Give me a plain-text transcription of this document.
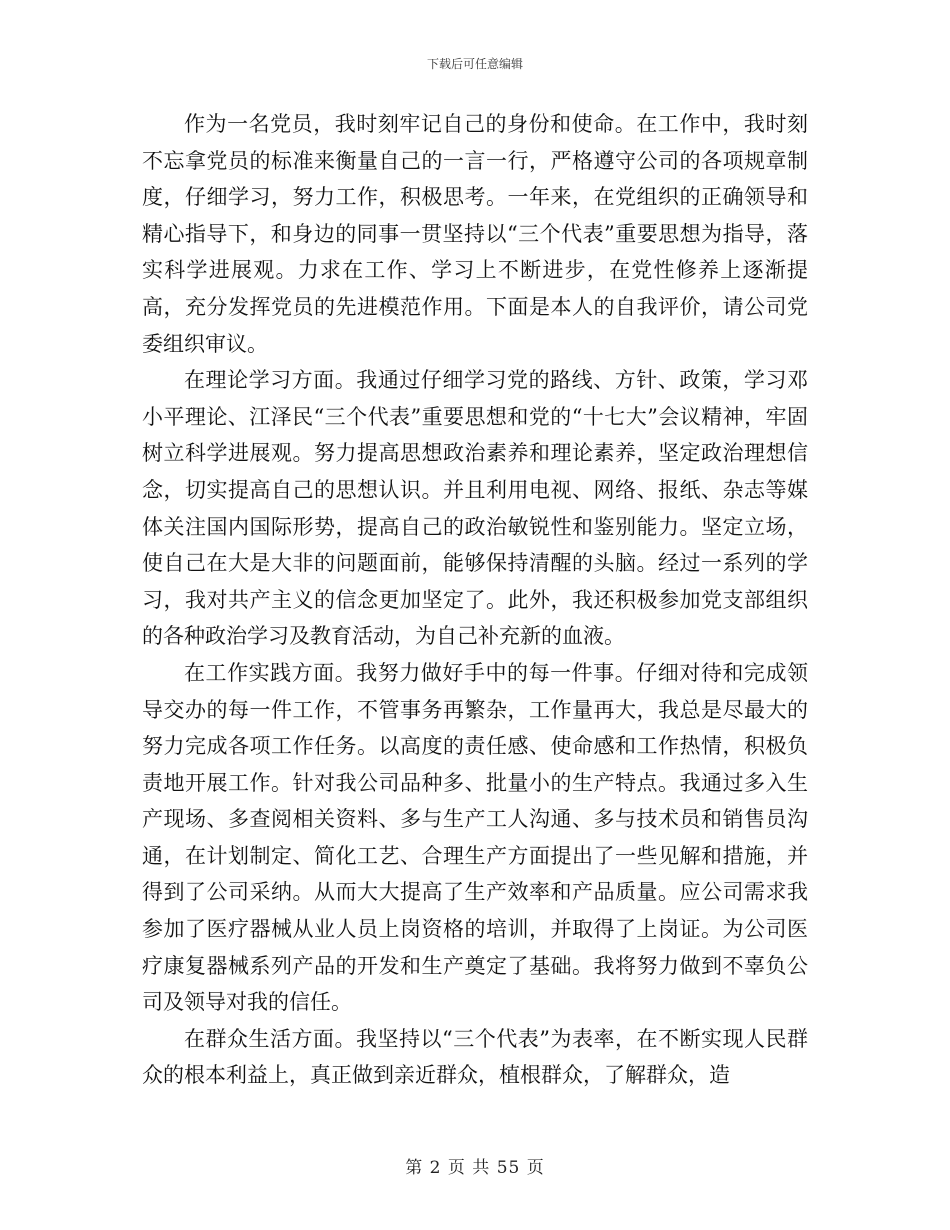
下载后可任意编辑

作为一名党员，我时刻牢记自己的身份和使命。在工作中，我时刻不忘拿党员的标准来衡量自己的一言一行，严格遵守公司的各项规章制度，仔细学习，努力工作，积极思考。一年来，在党组织的正确领导和精心指导下，和身边的同事一贯坚持以“三个代表”重要思想为指导，落实科学进展观。力求在工作、学习上不断进步，在党性修养上逐渐提高，充分发挥党员的先进模范作用。下面是本人的自我评价，请公司党委组织审议。

在理论学习方面。我通过仔细学习党的路线、方针、政策，学习邓小平理论、江泽民“三个代表”重要思想和党的“十七大”会议精神，牢固树立科学进展观。努力提高思想政治素养和理论素养，坚定政治理想信念，切实提高自己的思想认识。并且利用电视、网络、报纸、杂志等媒体关注国内国际形势，提高自己的政治敏锐性和鉴别能力。坚定立场，使自己在大是大非的问题面前，能够保持清醒的头脑。经过一系列的学习，我对共产主义的信念更加坚定了。此外，我还积极参加党支部组织的各种政治学习及教育活动，为自己补充新的血液。

在工作实践方面。我努力做好手中的每一件事。仔细对待和完成领导交办的每一件工作，不管事务再繁杂，工作量再大，我总是尽最大的努力完成各项工作任务。以高度的责任感、使命感和工作热情，积极负责地开展工作。针对我公司品种多、批量小的生产特点。我通过多入生产现场、多查阅相关资料、多与生产工人沟通、多与技术员和销售员沟通，在计划制定、简化工艺、合理生产方面提出了一些见解和措施，并得到了公司采纳。从而大大提高了生产效率和产品质量。应公司需求我参加了医疗器械从业人员上岗资格的培训，并取得了上岗证。为公司医疗康复器械系列产品的开发和生产奠定了基础。我将努力做到不辜负公司及领导对我的信任。

在群众生活方面。我坚持以“三个代表”为表率，在不断实现人民群众的根本利益上，真正做到亲近群众，植根群众，了解群众，造

第 2 页 共 55 页
